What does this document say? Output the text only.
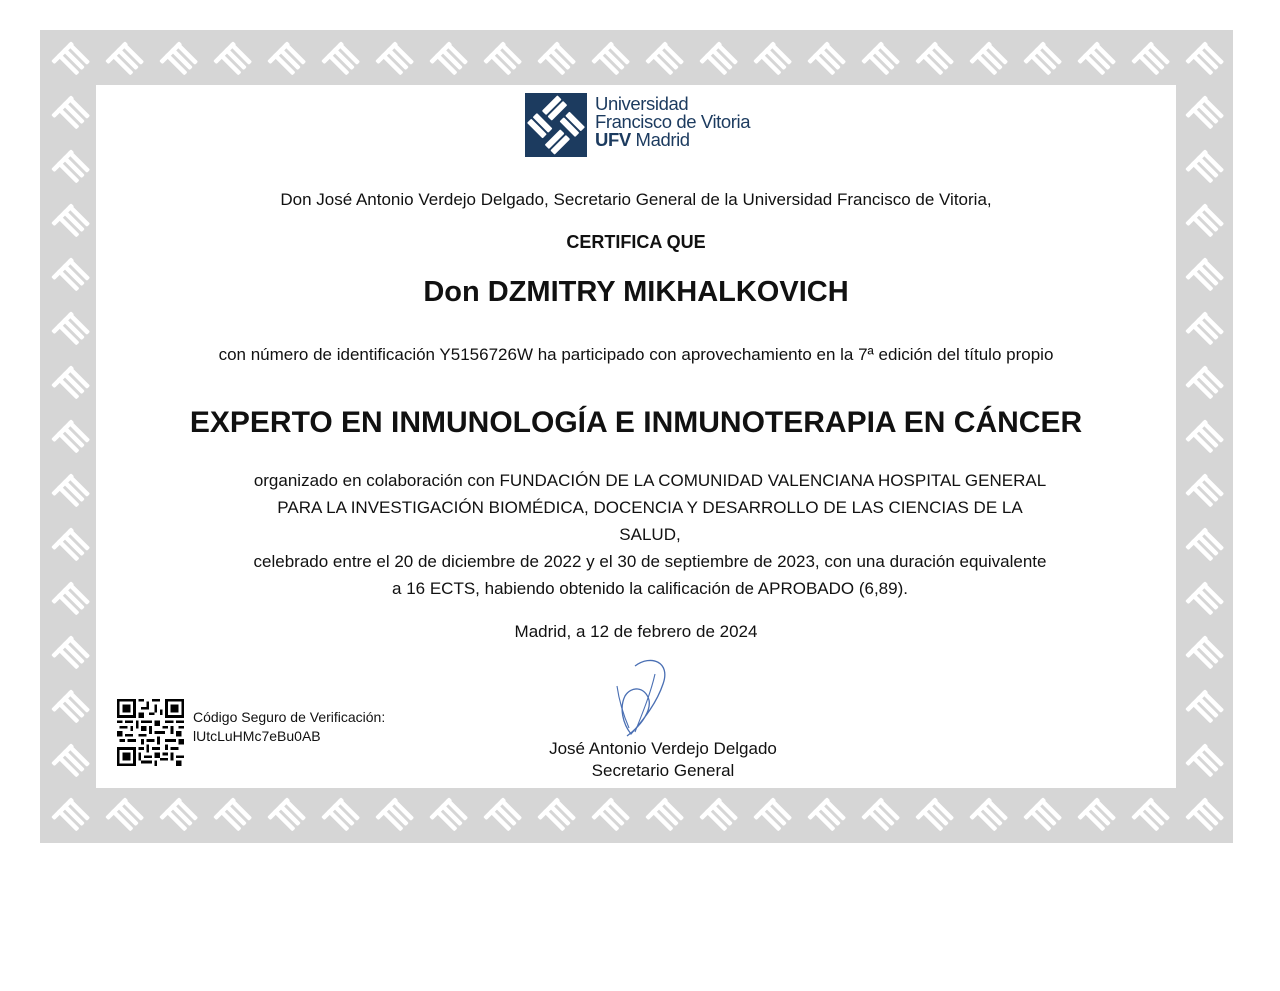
Universidad
Francisco de Vitoria
UFV Madrid
Don José Antonio Verdejo Delgado, Secretario General de la Universidad Francisco de Vitoria,
CERTIFICA QUE
Don DZMITRY MIKHALKOVICH
con número de identificación Y5156726W ha participado con aprovechamiento en la 7ª edición del título propio
EXPERTO EN INMUNOLOGÍA E INMUNOTERAPIA EN CÁNCER
organizado en colaboración con FUNDACIÓN DE LA COMUNIDAD VALENCIANA HOSPITAL GENERAL
PARA LA INVESTIGACIÓN BIOMÉDICA, DOCENCIA Y DESARROLLO DE LAS CIENCIAS DE LA
SALUD,
celebrado entre el 20 de diciembre de 2022 y el 30 de septiembre de 2023, con una duración equivalente
a 16 ECTS, habiendo obtenido la calificación de APROBADO (6,89).
Madrid, a 12 de febrero de 2024
Código Seguro de Verificación:
lUtcLuHMc7eBu0AB
José Antonio Verdejo Delgado
Secretario General
